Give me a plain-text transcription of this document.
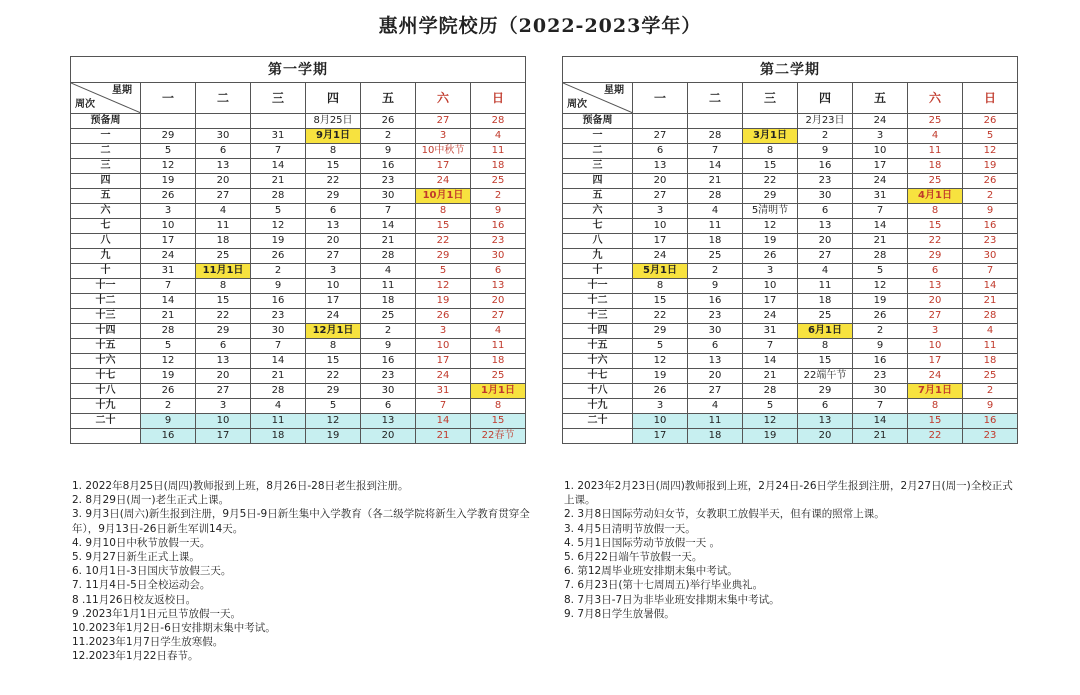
惠州学院校历（2022-2023学年）
第一学期							

星期
周次	一	二	三	四	五	六	日
预备周				8月25日	26	27	28
一	29	30	31	9月1日	2	3	4
二	5	6	7	8	9	10中秋节	11
三	12	13	14	15	16	17	18
四	19	20	21	22	23	24	25
五	26	27	28	29	30	10月1日	2
六	3	4	5	6	7	8	9
七	10	11	12	13	14	15	16
八	17	18	19	20	21	22	23
九	24	25	26	27	28	29	30
十	31	11月1日	2	3	4	5	6
十一	7	8	9	10	11	12	13
十二	14	15	16	17	18	19	20
十三	21	22	23	24	25	26	27
十四	28	29	30	12月1日	2	3	4
十五	5	6	7	8	9	10	11
十六	12	13	14	15	16	17	18
十七	19	20	21	22	23	24	25
十八	26	27	28	29	30	31	1月1日
十九	2	3	4	5	6	7	8
二十	9	10	11	12	13	14	15
	16	17	18	19	20	21	22春节
第二学期							

星期
周次	一	二	三	四	五	六	日
预备周				2月23日	24	25	26
一	27	28	3月1日	2	3	4	5
二	6	7	8	9	10	11	12
三	13	14	15	16	17	18	19
四	20	21	22	23	24	25	26
五	27	28	29	30	31	4月1日	2
六	3	4	5清明节	6	7	8	9
七	10	11	12	13	14	15	16
八	17	18	19	20	21	22	23
九	24	25	26	27	28	29	30
十	5月1日	2	3	4	5	6	7
十一	8	9	10	11	12	13	14
十二	15	16	17	18	19	20	21
十三	22	23	24	25	26	27	28
十四	29	30	31	6月1日	2	3	4
十五	5	6	7	8	9	10	11
十六	12	13	14	15	16	17	18
十七	19	20	21	22端午节	23	24	25
十八	26	27	28	29	30	7月1日	2
十九	3	4	5	6	7	8	9
二十	10	11	12	13	14	15	16
	17	18	19	20	21	22	23

1. 2022年8月25日(周四)教师报到上班，8月26日-28日老生报到注册。

2. 8月29日(周一)老生正式上课。

3. 9月3日(周六)新生报到注册，9月5日-9日新生集中入学教育（各二级学院将新生入学教育贯穿全年），9月13日-26日新生军训14天。

4. 9月10日中秋节放假一天。

5. 9月27日新生正式上课。

6. 10月1日-3日国庆节放假三天。

7. 11月4日-5日全校运动会。

8 .11月26日校友返校日。

9 .2023年1月1日元旦节放假一天。

10.2023年1月2日-6日安排期末集中考试。

11.2023年1月7日学生放寒假。

12.2023年1月22日春节。

1. 2023年2月23日(周四)教师报到上班，2月24日-26日学生报到注册，2月27日(周一)全校正式上课。

2. 3月8日国际劳动妇女节，女教职工放假半天，但有课的照常上课。

3. 4月5日清明节放假一天。

4. 5月1日国际劳动节放假一天 。

5. 6月22日端午节放假一天。

6. 第12周毕业班安排期末集中考试。

7. 6月23日(第十七周周五)举行毕业典礼。

8. 7月3日-7日为非毕业班安排期末集中考试。

9. 7月8日学生放暑假。
